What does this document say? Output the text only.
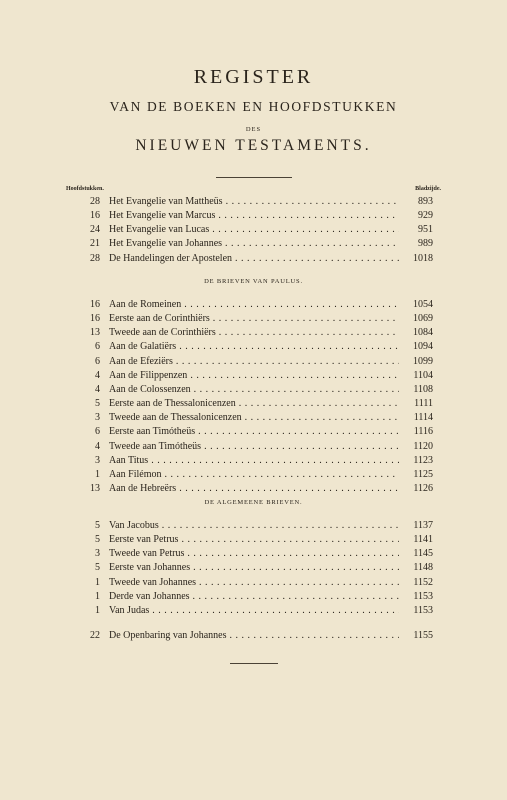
REGISTER
VAN DE BOEKEN EN HOOFDSTUKKEN
DES
NIEUWEN TESTAMENTS.
Hoofdstukken.	Bladzijde.
28 Het Evangelie van Mattheüs . . .	893
16 Het Evangelie van Marcus . . .	929
24 Het Evangelie van Lucas . . .	951
21 Het Evangelie van Johannes . . .	989
28 De Handelingen der Apostelen . . .	1018
DE BRIEVEN VAN PAULUS.
16 Aan de Romeinen . . .	1054
16 Eerste aan de Corinthiërs . . .	1069
13 Tweede aan de Corinthiërs . . .	1084
6 Aan de Galatiërs . . .	1094
6 Aan de Efeziërs . . .	1099
4 Aan de Filippenzen . . .	1104
4 Aan de Colossenzen . . .	1108
5 Eerste aan de Thessalonicenzen . . .	1111
3 Tweede aan de Thessalonicenzen . . .	1114
6 Eerste aan Timótheüs . . .	1116
4 Tweede aan Timótheüs . . .	1120
3 Aan Titus . . .	1123
1 Aan Filémon . . .	1125
13 Aan de Hebreërs . . .	1126
DE ALGEMEENE BRIEVEN.
5 Van Jacobus . . .	1137
5 Eerste van Petrus . . .	1141
3 Tweede van Petrus . . .	1145
5 Eerste van Johannes . . .	1148
1 Tweede van Johannes . . .	1152
1 Derde van Johannes . . .	1153
1 Van Judas . . .	1153
22 De Openbaring van Johannes . . .	1155
